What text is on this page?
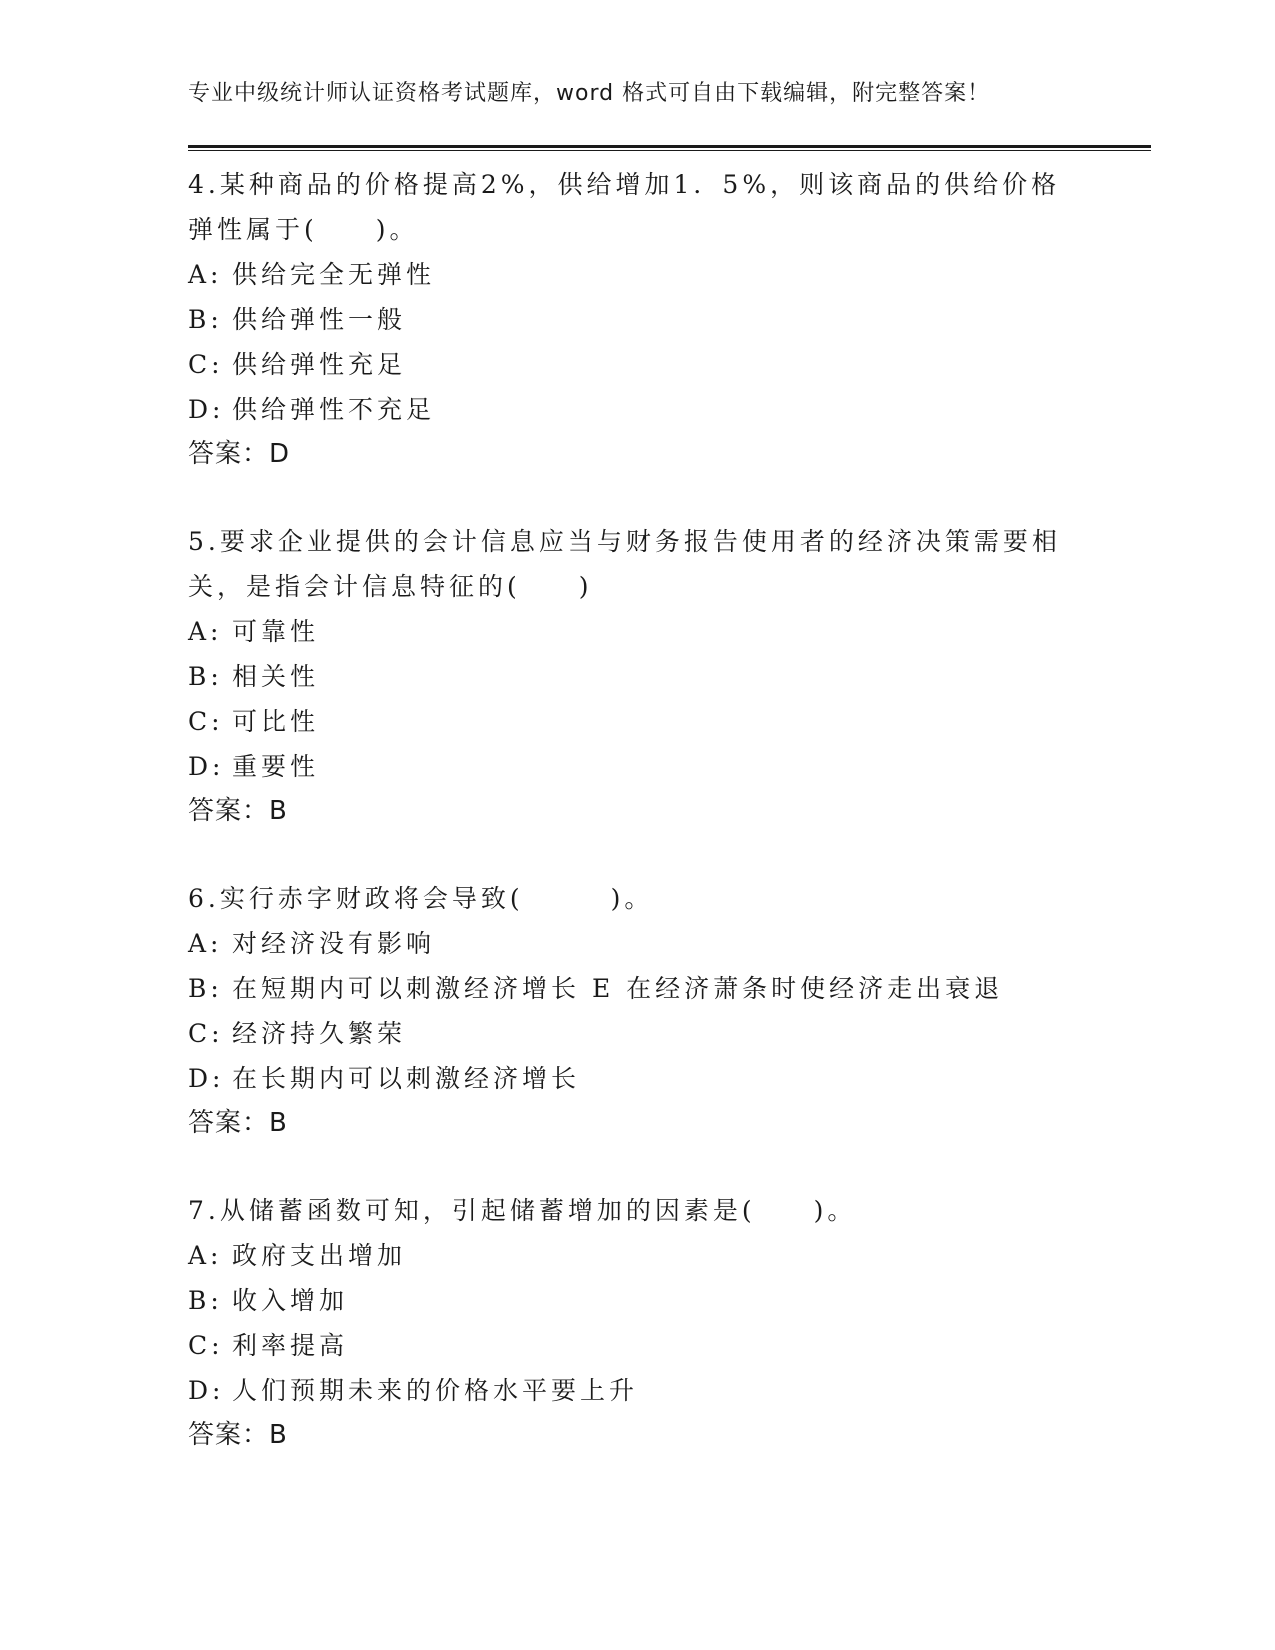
专业中级统计师认证资格考试题库，word 格式可自由下载编辑，附完整答案！

4.某种商品的价格提高2%，供给增加1．5%，则该商品的供给价格弹性属于(　　)。

A: 供给完全无弹性
B: 供给弹性一般
C: 供给弹性充足
D: 供给弹性不充足
答案：D

5.要求企业提供的会计信息应当与财务报告使用者的经济决策需要相关，是指会计信息特征的(　　)

A: 可靠性
B: 相关性
C: 可比性
D: 重要性
答案：B

6.实行赤字财政将会导致(　　　)。

A: 对经济没有影响
B: 在短期内可以刺激经济增长 E 在经济萧条时使经济走出衰退
C: 经济持久繁荣
D: 在长期内可以刺激经济增长
答案：B

7.从储蓄函数可知，引起储蓄增加的因素是(　　)。

A: 政府支出增加
B: 收入增加
C: 利率提高
D: 人们预期未来的价格水平要上升
答案：B
